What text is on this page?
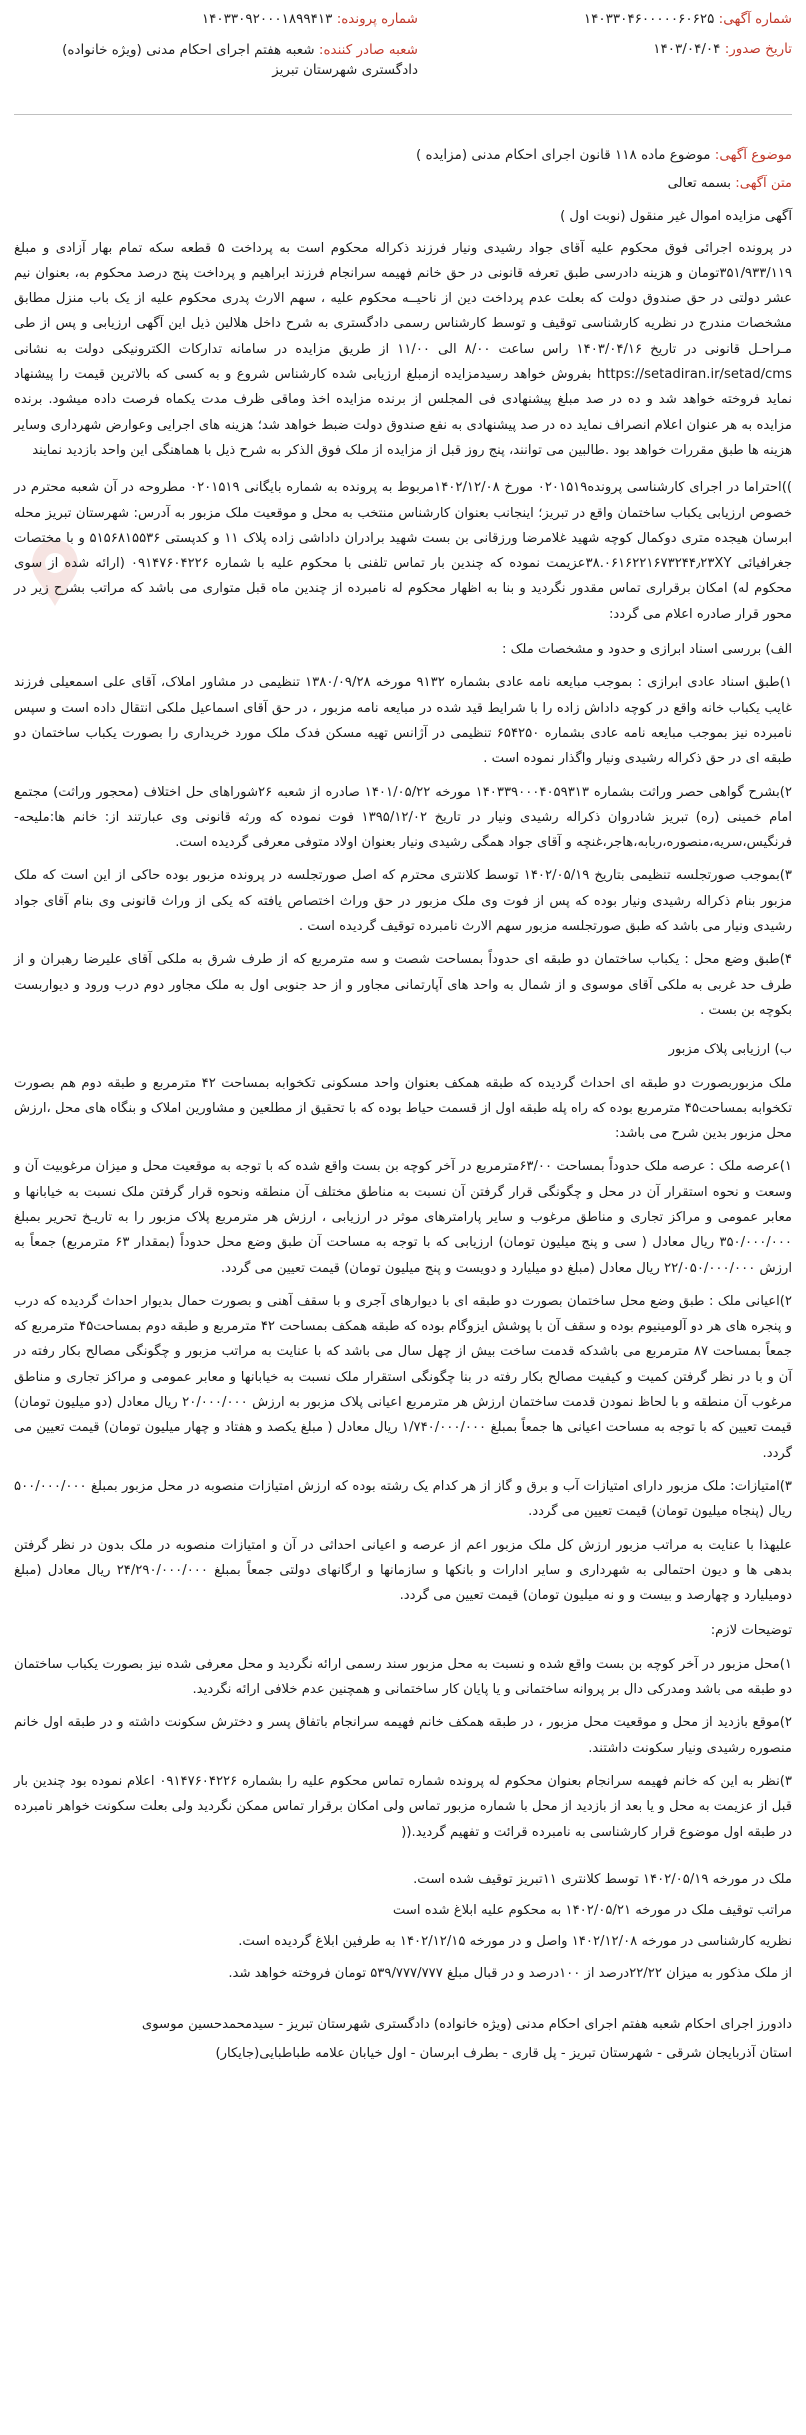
شماره آگهی: ۱۴۰۳۳۰۴۶۰۰۰۰۰۶۰۶۲۵
شماره پرونده: ۱۴۰۳۳۰۹۲۰۰۰۱۸۹۹۴۱۳
تاریخ صدور: ۱۴۰۳/۰۴/۰۴
شعبه صادر کننده: شعبه هفتم اجرای احکام مدنی (ویژه خانواده) دادگستری شهرستان تبریز
موضوع آگهی: موضوع ماده ۱۱۸ قانون اجرای احکام مدنی (مزایده )

متن آگهی: بسمه تعالی

آگهی مزایده اموال غیر منقول (نوبت اول )

در پرونده اجرائی فوق محکوم علیه آقای جواد رشیدی ونیار فرزند ذکراله محکوم است به پرداخت ۵ قطعه سکه تمام بهار آزادی و مبلغ ۳۵۱/۹۳۳/۱۱۹تومان و هزینه دادرسی طبق تعرفه قانونی در حق خانم فهیمه سرانجام فرزند ابراهیم و پرداخت پنج درصد محکوم به، بعنوان نیم عشر دولتی در حق صندوق دولت که بعلت عدم پرداخت دین از ناحیــه محکوم علیه ، سهم الارث پدری محکوم علیه از یک باب منزل مطابق مشخصات مندرج در نظریه کارشناسی توقیف و توسط کارشناس رسمی دادگستری به شرح داخل هلالین ذیل این آگهی ارزیابی و پس از طی مـراحـل قانونی در تاریخ ۱۴۰۳/۰۴/۱۶ راس ساعت ۸/۰۰ الی ۱۱/۰۰ از طریق مزایده در سامانه تدارکات الکترونیکی دولت به نشانی https://setadiran.ir/setad/cms بفروش خواهد رسیدمزایده ازمبلغ ارزیابی شده کارشناس شروع و به کسی که بالاترین قیمت را پیشنهاد نماید فروخته خواهد شد و ده در صد مبلغ پیشنهادی فی المجلس از برنده مزایده اخذ وماقی ظرف مدت یکماه فرصت داده میشود. برنده مزایده به هر عنوان اعلام انصراف نماید ده در صد پیشنهادی به نفع صندوق دولت ضبط خواهد شد؛ هزینه های اجرایی وعوارض شهرداری وسایر هزینه ها طبق مقررات خواهد بود .طالبین می توانند، پنج روز قبل از مزایده از ملک فوق الذکر به شرح ذیل با هماهنگی این واحد بازدید نمایند

))احتراما در اجرای کارشناسی پرونده۰۲۰۱۵۱۹ مورخ ۱۴۰۲/۱۲/۰۸مربوط به پرونده به شماره بایگانی ۰۲۰۱۵۱۹ مطروحه در آن شعبه محترم در خصوص ارزیابی یکباب ساختمان واقع در تبریز؛ اینجانب بعنوان کارشناس منتخب به محل و موقعیت ملک مزبور به آدرس: شهرستان تبریز محله ابرسان هیجده متری دوکمال کوچه شهید غلامرضا ورزقانی بن بست شهید برادران داداشی زاده پلاک ۱۱ و کدپستی ۵۱۵۶۸۱۵۵۳۶ و با مختصات جغرافیائی ۳۸.۰۶۱۶۲۲۱۶۷۳۲۴۴٫۲۳XYعزیمت نموده که چندین بار تماس تلفنی با محکوم علیه با شماره ۰۹۱۴۷۶۰۴۲۲۶ (ارائه شده از سوی محکوم له) امکان برقراری تماس مقدور نگردید و بنا به اظهار محکوم له نامبرده از چندین ماه قبل متواری می باشد که مراتب بشرح زیر در محور قرار صادره اعلام می گردد:

الف) بررسی اسناد ابرازی و حدود و مشخصات ملک :

۱)طبق اسناد عادی ابرازی : بموجب مبایعه نامه عادی بشماره ۹۱۳۲ مورخه ۱۳۸۰/۰۹/۲۸ تنظیمی در مشاور املاک، آقای علی اسمعیلی فرزند غایب یکباب خانه واقع در کوچه داداش زاده را با شرایط قید شده در مبایعه نامه مزبور ، در حق آقای اسماعیل ملکی انتقال داده است و سپس نامبرده نیز بموجب مبایعه نامه عادی بشماره ۶۵۴۲۵۰ تنظیمی در آژانس تهیه مسکن فدک ملک مورد خریداری را بصورت یکباب ساختمان دو طبقه ای در حق ذکراله رشیدی ونیار واگذار نموده است .

۲)بشرح گواهی حصر وراثت بشماره ۱۴۰۳۳۹۰۰۰۴۰۵۹۳۱۳ مورخه ۱۴۰۱/۰۵/۲۲ صادره از شعبه ۲۶شوراهای حل اختلاف (محجور وراثت) مجتمع امام خمینی (ره) تبریز شادروان ذکراله رشیدی ونیار در تاریخ ۱۳۹۵/۱۲/۰۲ فوت نموده که ورثه قانونی وی عبارتند از: خانم ها:ملیحه-فرنگیس،سریه،منصوره،ربابه،هاجر،غنچه و آقای جواد همگی رشیدی ونیار بعنوان اولاد متوفی معرفی گردیده است.

۳)بموجب صورتجلسه تنظیمی بتاریخ ۱۴۰۲/۰۵/۱۹ توسط کلانتری محترم که اصل صورتجلسه در پرونده مزبور بوده حاکی از این است که ملک مزبور بنام ذکراله رشیدی ونیار بوده که پس از فوت وی ملک مزبور در حق وراث اختصاص یافته که یکی از وراث قانونی وی بنام آقای جواد رشیدی ونیار می باشد که طبق صورتجلسه مزبور سهم الارث نامبرده توقیف گردیده است .

۴)طبق وضع محل : یکباب ساختمان دو طبقه ای حدوداً بمساحت شصت و سه مترمربع که از طرف شرق به ملکی آقای علیرضا رهبران و از طرف حد غربی به ملکی آقای موسوی و از شمال به واحد های آپارتمانی مجاور و از حد جنوبی اول به ملک مجاور دوم درب ورود و دیواربست بکوچه بن بست .

ب) ارزیابی پلاک مزبور

ملک مزبوربصورت دو طبقه ای احداث گردیده که طبقه همکف بعنوان واحد مسکونی تکخوابه بمساحت ۴۲ مترمربع و طبقه دوم هم بصورت تکخوابه بمساحت۴۵ مترمربع بوده که راه پله طبقه اول از قسمت حیاط بوده که با تحقیق از مطلعین و مشاورین املاک و بنگاه های محل ،ارزش محل مزبور بدین شرح می باشد:

۱)عرصه ملک : عرصه ملک حدوداً بمساحت ۶۳/۰۰مترمربع در آخر کوچه بن بست واقع شده که با توجه به موقعیت محل و میزان مرغوبیت آن و وسعت و نحوه استقرار آن در محل و چگونگی قرار گرفتن آن نسبت به مناطق مختلف آن منطقه ونحوه قرار گرفتن ملک نسبت به خیابانها و معابر عمومی و مراکز تجاری و مناطق مرغوب و سایر پارامترهای موثر در ارزیابی ، ارزش هر مترمربع پلاک مزبور را به تاریـخ تحریر بمبلغ ۳۵۰/۰۰۰/۰۰۰ ریال معادل ( سی و پنج میلیون تومان) ارزیابی که با توجه به مساحت آن طبق وضع محل حدوداً (بمقدار ۶۳ مترمربع) جمعاً به ارزش ۲۲/۰۵۰/۰۰۰/۰۰۰ ریال معادل (مبلغ دو میلیارد و دویست و پنج میلیون تومان) قیمت تعیین می گردد.

۲)اعیانی ملک : طبق وضع محل ساختمان بصورت دو طبقه ای با دیوارهای آجری و با سقف آهنی و بصورت حمال بدیوار احداث گردیده که درب و پنجره های هر دو آلومینیوم بوده و سقف آن با پوشش ایزوگام بوده که طبقه همکف بمساحت ۴۲ مترمربع و طبقه دوم بمساحت۴۵ مترمربع که جمعاً بمساحت ۸۷ مترمربع می باشدکه قدمت ساخت بیش از چهل سال می باشد که با عنایت به مراتب مزبور و چگونگی مصالح بکار رفته در آن و با در نظر گرفتن کمیت و کیفیت مصالح بکار رفته در بنا چگونگی استقرار ملک نسبت به خیابانها و معابر عمومی و مراکز تجاری و مناطق مرغوب آن منطقه و با لحاظ نمودن قدمت ساختمان ارزش هر مترمربع اعیانی پلاک مزبور به ارزش ۲۰/۰۰۰/۰۰۰ ریال معادل (دو میلیون تومان) قیمت تعیین که با توجه به مساحت اعیانی ها جمعاً بمبلغ ۱/۷۴۰/۰۰۰/۰۰۰ ریال معادل ( مبلغ یکصد و هفتاد و چهار میلیون تومان) قیمت تعیین می گردد.

۳)امتیازات: ملک مزبور دارای امتیازات آب و برق و گاز از هر کدام یک رشته بوده که ارزش امتیازات منصوبه در محل مزبور بمبلغ ۵۰۰/۰۰۰/۰۰۰ ریال (پنجاه میلیون تومان) قیمت تعیین می گردد.

علیهذا با عنایت به مراتب مزبور ارزش کل ملک مزبور اعم از عرصه و اعیانی احداثی در آن و امتیازات منصوبه در ملک بدون در نظر گرفتن بدهی ها و دیون احتمالی به شهرداری و سایر ادارات و بانکها و سازمانها و ارگانهای دولتی جمعاً بمبلغ ۲۴/۲۹۰/۰۰۰/۰۰۰ ریال معادل (مبلغ دومیلیارد و چهارصد و بیست و و نه میلیون تومان) قیمت تعیین می گردد.

توضیحات لازم:

۱)محل مزبور در آخر کوچه بن بست واقع شده و نسبت به محل مزبور سند رسمی ارائه نگردید و محل معرفی شده نیز بصورت یکباب ساختمان دو طبقه می باشد ومدرکی دال بر پروانه ساختمانی و یا پایان کار ساختمانی و همچنین عدم خلافی ارائه نگردید.

۲)موقع بازدید از محل و موقعیت محل مزبور ، در طبقه همکف خانم فهیمه سرانجام باتفاق پسر و دخترش سکونت داشته و در طبقه اول خانم منصوره رشیدی ونیار سکونت داشتند.

۳)نظر به این که خانم فهیمه سرانجام بعنوان محکوم له پرونده شماره تماس محکوم علیه را بشماره ۰۹۱۴۷۶۰۴۲۲۶ اعلام نموده بود چندین بار قبل از عزیمت به محل و یا بعد از بازدید از محل با شماره مزبور تماس ولی امکان برقرار تماس ممکن نگردید ولی بعلت سکونت خواهر نامبرده در طبقه اول موضوع قرار کارشناسی به نامبرده قرائت و تفهیم گردید.((

ملک در مورخه ۱۴۰۲/۰۵/۱۹ توسط کلانتری ۱۱تبریز توقیف شده است.

مراتب توقیف ملک در مورخه ۱۴۰۲/۰۵/۲۱ به محکوم علیه ابلاغ شده است

نظریه کارشناسی در مورخه ۱۴۰۲/۱۲/۰۸ واصل و در مورخه ۱۴۰۲/۱۲/۱۵ به طرفین ابلاغ گردیده است.

از ملک مذکور به میزان ۲۲/۲۲درصد از ۱۰۰درصد و در قبال مبلغ ۵۳۹/۷۷۷/۷۷۷ تومان فروخته خواهد شد.

دادورز اجرای احکام شعبه هفتم اجرای احکام مدنی (ویژه خانواده) دادگستری شهرستان تبریز - سیدمحمدحسین موسوی

استان آذربایجان شرقی - شهرستان تبریز - پل قاری - بطرف ابرسان - اول خیابان علامه طباطبایی(جایکار)
